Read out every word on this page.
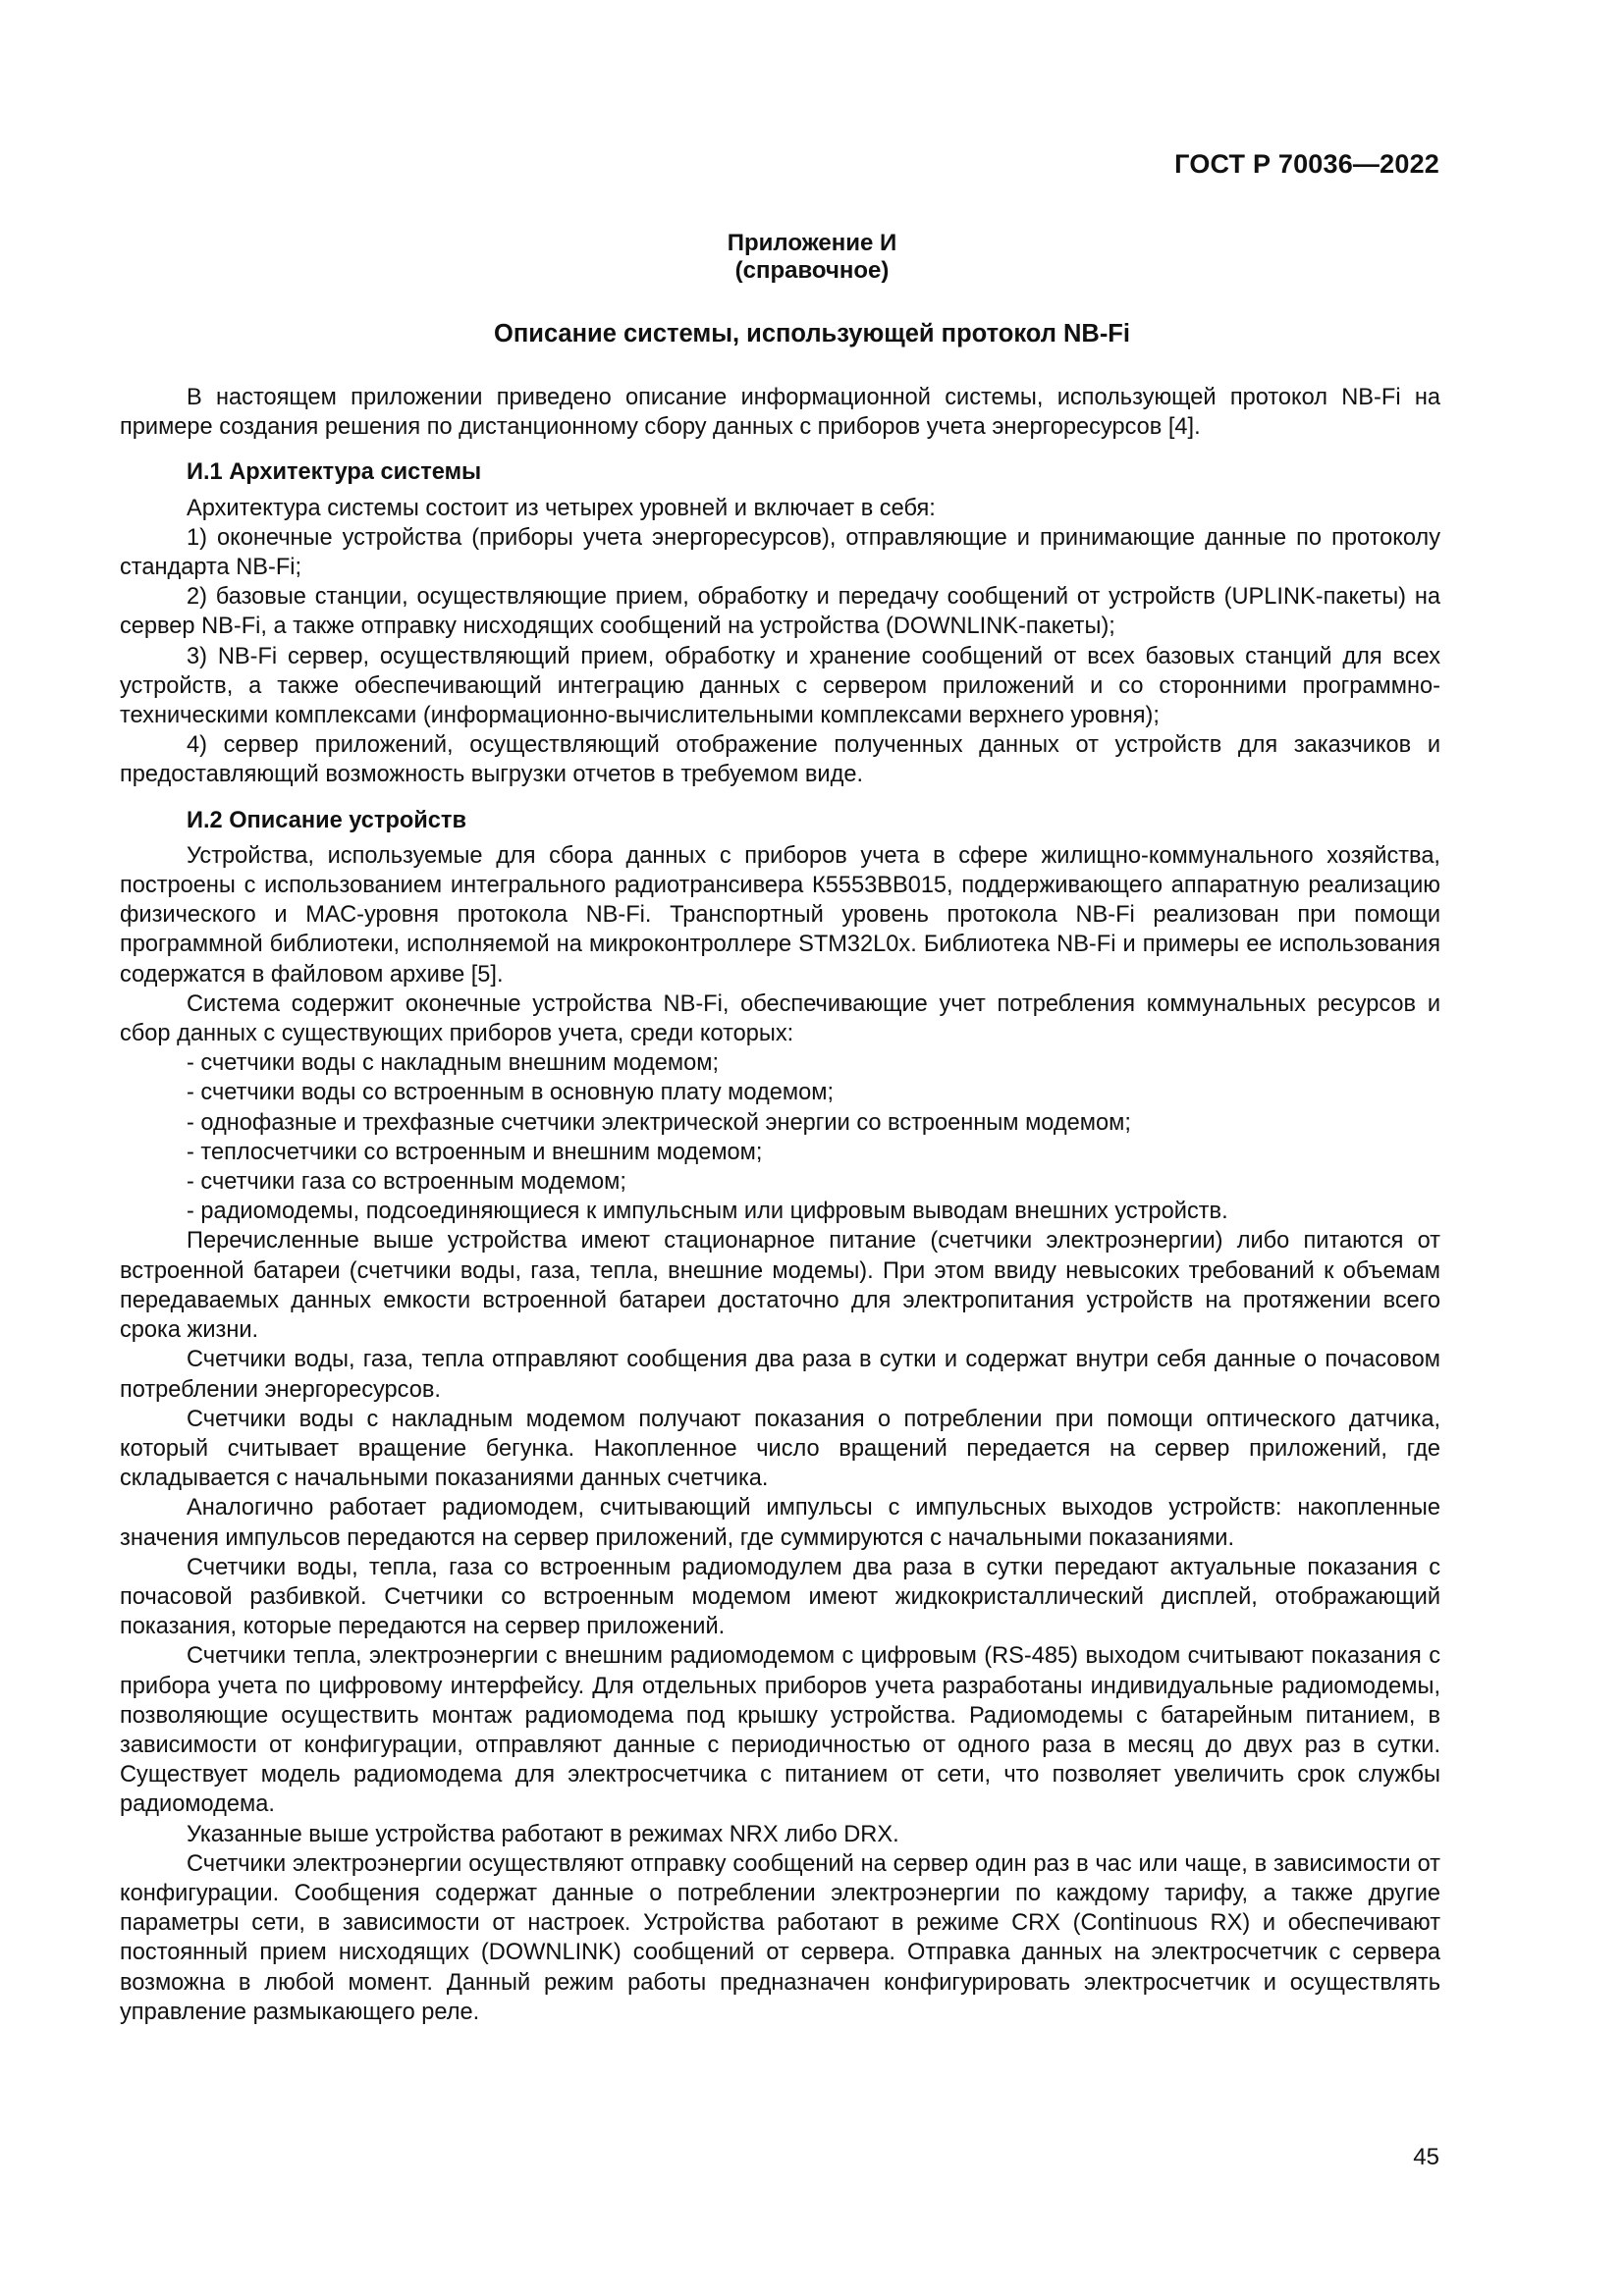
ГОСТ Р 70036—2022
Приложение И
(справочное)
Описание системы, использующей протокол NB-Fi

В настоящем приложении приведено описание информационной системы, использующей протокол NB-Fi на примере создания решения по дистанционному сбору данных с приборов учета энергоресурсов [4].

И.1 Архитектура системы

Архитектура системы состоит из четырех уровней и включает в себя:

1) оконечные устройства (приборы учета энергоресурсов), отправляющие и принимающие данные по протоколу стандарта NB-Fi;

2) базовые станции, осуществляющие прием, обработку и передачу сообщений от устройств (UPLINK-пакеты) на сервер NB-Fi, а также отправку нисходящих сообщений на устройства (DOWNLINK-пакеты);

3) NB-Fi сервер, осуществляющий прием, обработку и хранение сообщений от всех базовых станций для всех устройств, а также обеспечивающий интеграцию данных с сервером приложений и со сторонними программно-техническими комплексами (информационно-вычислительными комплексами верхнего уровня);

4) сервер приложений, осуществляющий отображение полученных данных от устройств для заказчиков и предоставляющий возможность выгрузки отчетов в требуемом виде.

И.2 Описание устройств

Устройства, используемые для сбора данных с приборов учета в сфере жилищно-коммунального хозяйства, построены с использованием интегрального радиотрансивера К5553ВВ015, поддерживающего аппаратную реализацию физического и МАС-уровня протокола NB-Fi. Транспортный уровень протокола NB-Fi реализован при помощи программной библиотеки, исполняемой на микроконтроллере STM32L0x. Библиотека NB-Fi и примеры ее использования содержатся в файловом архиве [5].

Система содержит оконечные устройства NB-Fi, обеспечивающие учет потребления коммунальных ресурсов и сбор данных с существующих приборов учета, среди которых:

- счетчики воды с накладным внешним модемом;

- счетчики воды со встроенным в основную плату модемом;

- однофазные и трехфазные счетчики электрической энергии со встроенным модемом;

- теплосчетчики со встроенным и внешним модемом;

- счетчики газа со встроенным модемом;

- радиомодемы, подсоединяющиеся к импульсным или цифровым выводам внешних устройств.

Перечисленные выше устройства имеют стационарное питание (счетчики электроэнергии) либо питаются от встроенной батареи (счетчики воды, газа, тепла, внешние модемы). При этом ввиду невысоких требований к объемам передаваемых данных емкости встроенной батареи достаточно для электропитания устройств на протяжении всего срока жизни.

Счетчики воды, газа, тепла отправляют сообщения два раза в сутки и содержат внутри себя данные о почасовом потреблении энергоресурсов.

Счетчики воды с накладным модемом получают показания о потреблении при помощи оптического датчика, который считывает вращение бегунка. Накопленное число вращений передается на сервер приложений, где складывается с начальными показаниями данных счетчика.

Аналогично работает радиомодем, считывающий импульсы с импульсных выходов устройств: накопленные значения импульсов передаются на сервер приложений, где суммируются с начальными показаниями.

Счетчики воды, тепла, газа со встроенным радиомодулем два раза в сутки передают актуальные показания с почасовой разбивкой. Счетчики со встроенным модемом имеют жидкокристаллический дисплей, отображающий показания, которые передаются на сервер приложений.

Счетчики тепла, электроэнергии с внешним радиомодемом с цифровым (RS-485) выходом считывают показания с прибора учета по цифровому интерфейсу. Для отдельных приборов учета разработаны индивидуальные радиомодемы, позволяющие осуществить монтаж радиомодема под крышку устройства. Радиомодемы с батарейным питанием, в зависимости от конфигурации, отправляют данные с периодичностью от одного раза в месяц до двух раз в сутки. Существует модель радиомодема для электросчетчика с питанием от сети, что позволяет увеличить срок службы радиомодема.

Указанные выше устройства работают в режимах NRX либо DRX.

Счетчики электроэнергии осуществляют отправку сообщений на сервер один раз в час или чаще, в зависимости от конфигурации. Сообщения содержат данные о потреблении электроэнергии по каждому тарифу, а также другие параметры сети, в зависимости от настроек. Устройства работают в режиме CRX (Continuous RX) и обеспечивают постоянный прием нисходящих (DOWNLINK) сообщений от сервера. Отправка данных на электросчетчик с сервера возможна в любой момент. Данный режим работы предназначен конфигурировать электросчетчик и осуществлять управление размыкающего реле.

45
